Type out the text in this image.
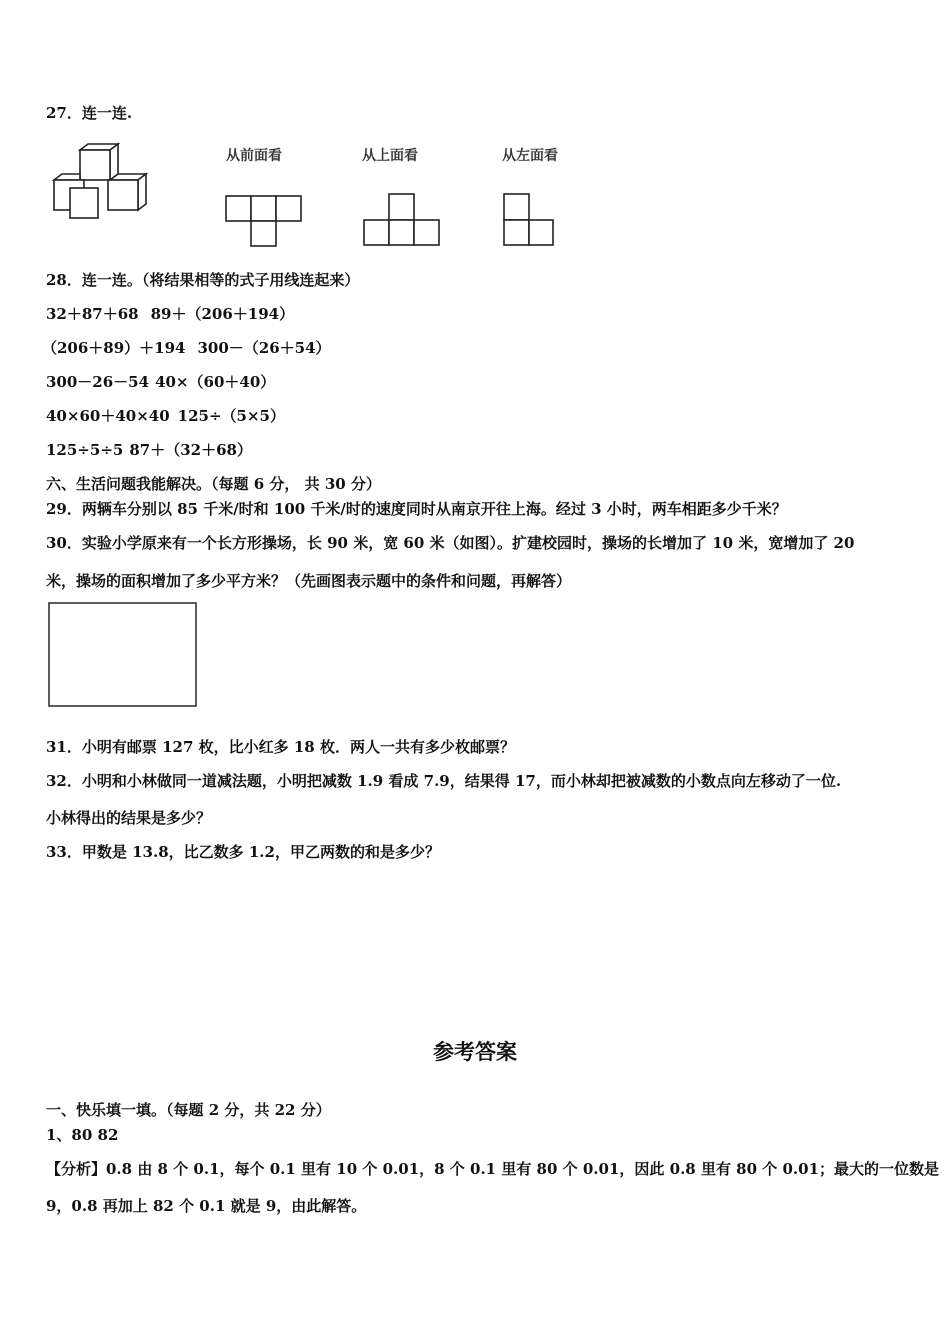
27．连一连.
从前面看	从上面看	从左面看
28．连一连。（将结果相等的式子用线连起来）
32＋87＋68 89＋（206＋194）
（206＋89）＋194 300－（26＋54）
300－26－54 40×（60＋40）
40×60＋40×40 125÷（5×5）
125÷5÷5 87＋（32＋68）
六、生活问题我能解决。（每题 6 分， 共 30 分）
29．两辆车分别以 85 千米/时和 100 千米/时的速度同时从南京开往上海。经过 3 小时，两车相距多少千米？
30．实验小学原来有一个长方形操场，长 90 米，宽 60 米（如图）。扩建校园时，操场的长增加了 10 米，宽增加了 20
米，操场的面积增加了多少平方米？（先画图表示题中的条件和问题，再解答）
31．小明有邮票 127 枚，比小红多 18 枚．两人一共有多少枚邮票？
32．小明和小林做同一道减法题，小明把减数 1.9 看成 7.9，结果得 17，而小林却把被减数的小数点向左移动了一位.
小林得出的结果是多少？
33．甲数是 13.8，比乙数多 1.2，甲乙两数的和是多少？
参考答案
一、快乐填一填。（每题 2 分，共 22 分）
1、80 82
【分析】0.8 由 8 个 0.1，每个 0.1 里有 10 个 0.01，8 个 0.1 里有 80 个 0.01，因此 0.8 里有 80 个 0.01；最大的一位数是
9，0.8 再加上 82 个 0.1 就是 9，由此解答。
